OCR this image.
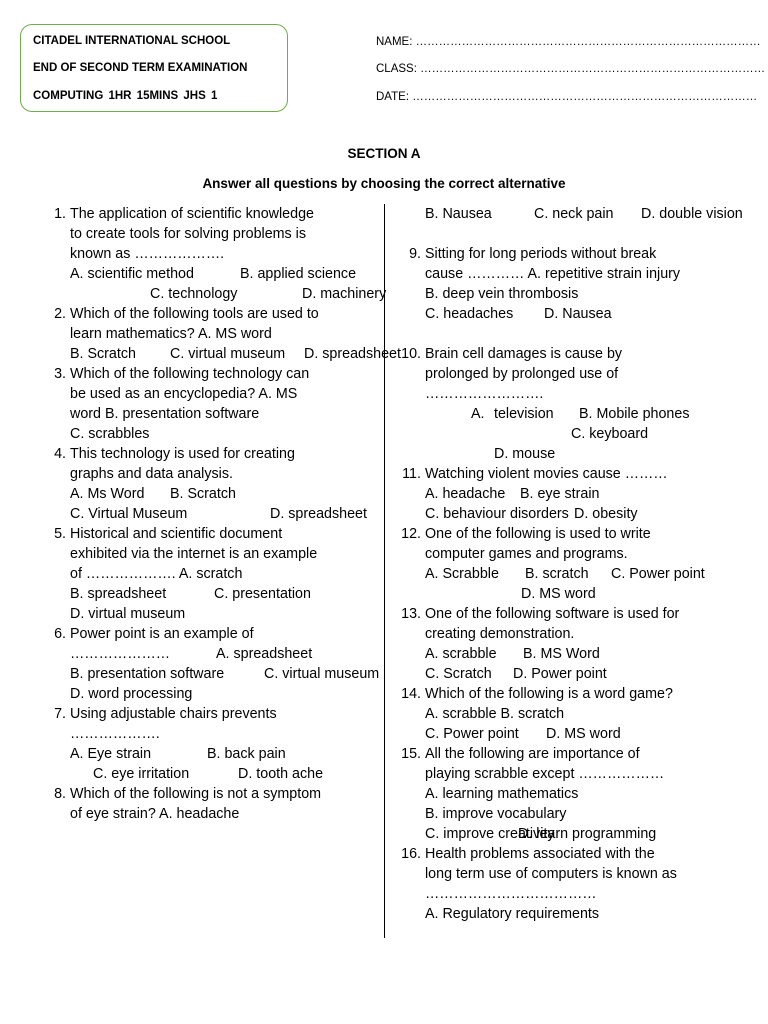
CITADEL INTERNATIONAL SCHOOL
END OF SECOND TERM EXAMINATION
COMPUTING 1HR 15MINS JHS 1
NAME: ………………………………………………………………………………
CLASS: ………………………………………………………………………………
DATE: ………………………………………………………………………………
SECTION A
Answer all questions by choosing the correct alternative
1. The application of scientific knowledge to create tools for solving problems is known as ……………….
A. scientific method	B. applied science
C. technology	D. machinery
2. Which of the following tools are used to learn mathematics? A. MS word
B. Scratch C. virtual museum D. spreadsheet
3. Which of the following technology can be used as an encyclopedia? A. MS word B. presentation software
C. scrabbles
4. This technology is used for creating graphs and data analysis.
A. Ms Word B. Scratch
C. Virtual Museum	D. spreadsheet
5. Historical and scientific document exhibited via the internet is an example of ………………. A. scratch
B. spreadsheet	C. presentation
D. virtual museum
6. Power point is an example of …………………	A. spreadsheet
B. presentation software	C. virtual museum
D. word processing
7. Using adjustable chairs prevents ……………….
A. Eye strain	B. back pain
C. eye irritation	D. tooth ache
8. Which of the following is not a symptom of eye strain? A. headache
B. Nausea	C. neck pain D. double vision
9. Sitting for long periods without break cause ………… A. repetitive strain injury B. deep vein thrombosis
C. headaches D. Nausea
10. Brain cell damages is cause by prolonged by prolonged use of …………………….
A. television B. Mobile phones
C. keyboard
D. mouse
11. Watching violent movies cause ………
A. headache B. eye strain
C. behaviour disorders D. obesity
12. One of the following is used to write computer games and programs.
A. Scrabble B. scratch C. Power point
D. MS word
13. One of the following software is used for creating demonstration.
A. scrabble B. MS Word
C. Scratch D. Power point
14. Which of the following is a word game? A. scrabble B. scratch
C. Power point D. MS word
15. All the following are importance of playing scrabble except ………………
A. learning mathematics
B. improve vocabulary
C. improve creativity
D. learn programming
16. Health problems associated with the long term use of computers is known as ………………………………
A. Regulatory requirements
